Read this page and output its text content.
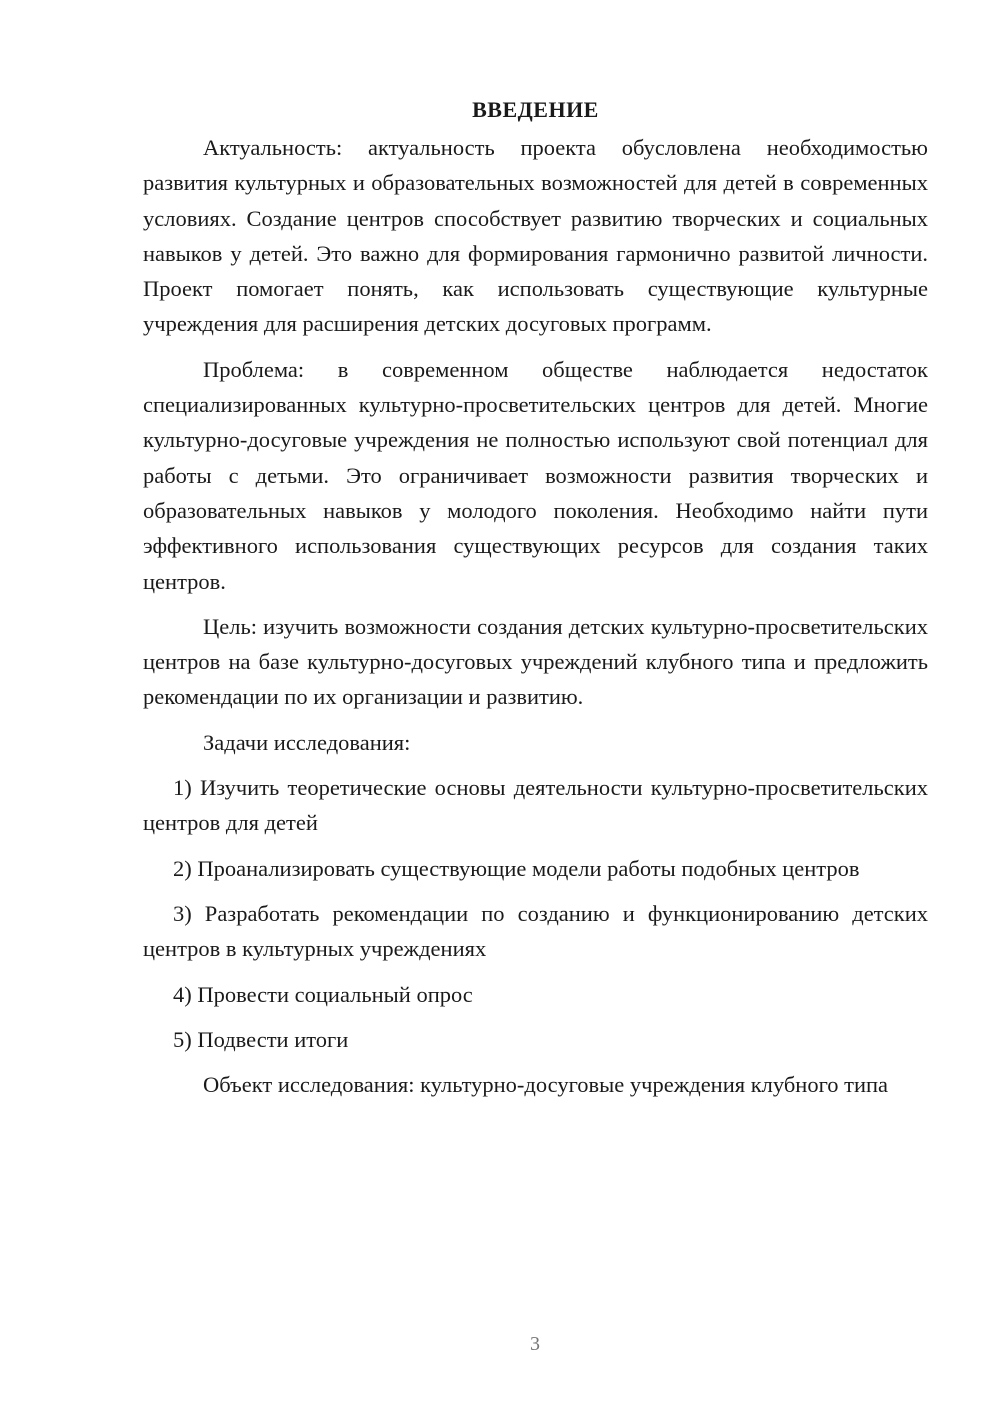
ВВЕДЕНИЕ

Актуальность: актуальность проекта обусловлена необходимостью развития культурных и образовательных возможностей для детей в современных условиях. Создание центров способствует развитию творческих и социальных навыков у детей. Это важно для формирования гармонично развитой личности. Проект помогает понять, как использовать существующие культурные учреждения для расширения детских досуговых программ.

Проблема: в современном обществе наблюдается недостаток специализированных культурно-просветительских центров для детей. Многие культурно-досуговые учреждения не полностью используют свой потенциал для работы с детьми. Это ограничивает возможности развития творческих и образовательных навыков у молодого поколения. Необходимо найти пути эффективного использования существующих ресурсов для создания таких центров.

Цель: изучить возможности создания детских культурно-просветительских центров на базе культурно-досуговых учреждений клубного типа и предложить рекомендации по их организации и развитию.

Задачи исследования:

1) Изучить теоретические основы деятельности культурно-просветительских центров для детей

2) Проанализировать существующие модели работы подобных центров

3) Разработать рекомендации по созданию и функционированию детских центров в культурных учреждениях

4) Провести социальный опрос

5) Подвести итоги

Объект исследования: культурно-досуговые учреждения клубного типа

3
